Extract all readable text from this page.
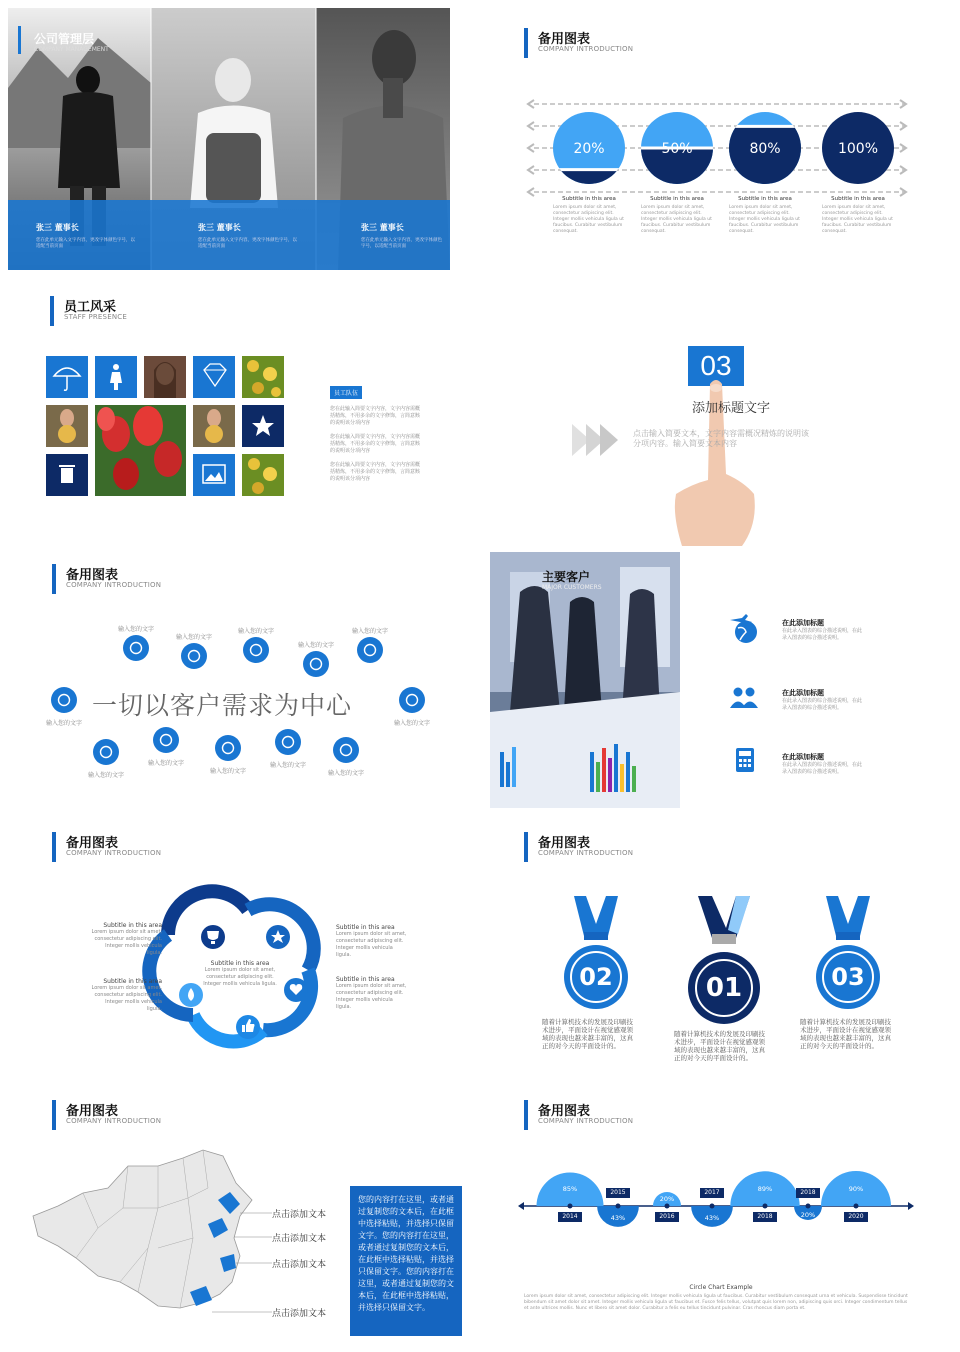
公司管理层
COMPANY MANAGEMENT
张三 董事长
您在此单元输入文字内容，更改字体颜色字号，以适配当前页面
张三 董事长
您在此单元输入文字内容，更改字体颜色字号，以适配当前页面
张三 董事长
您在此单元输入文字内容，更改字体颜色字号，以适配当前页面
备用图表
COMPANY INTRODUCTION
20%	50%	80%	100%
Subtitle in this area
Lorem ipsum dolor sit amet, consectetur adipiscing elit. Integer mollis vehicula ligula ut faucibus. Curabitur vestibulum consequat.
Subtitle in this area
Lorem ipsum dolor sit amet, consectetur adipiscing elit. Integer mollis vehicula ligula ut faucibus. Curabitur vestibulum consequat.
Subtitle in this area
Lorem ipsum dolor sit amet, consectetur adipiscing elit. Integer mollis vehicula ligula ut faucibus. Curabitur vestibulum consequat.
Subtitle in this area
Lorem ipsum dolor sit amet, consectetur adipiscing elit. Integer mollis vehicula ligula ut faucibus. Curabitur vestibulum consequat.
员工风采
STAFF PRESENCE
员工队伍
您在此输入简要文字内容，文字内容需概括精炼，不用多余的文字修饰，言简意赅的说明该分项内容
您在此输入简要文字内容，文字内容需概括精炼，不用多余的文字修饰，言简意赅的说明该分项内容
您在此输入简要文字内容，文字内容需概括精炼，不用多余的文字修饰，言简意赅的说明该分项内容
03
添加标题文字
点击输入简要文本，文字内容需概况精炼的说明该分项内容。输入简要文本内容
备用图表
COMPANY INTRODUCTION
输入您的文字
输入您的文字
输入您的文字
输入您的文字
输入您的文字
输入您的文字
输入您的文字
输入您的文字
输入您的文字
输入您的文字
输入您的文字
输入您的文字
一切以客户需求为中心
主要客户
MAJOR CUSTOMERS
在此添加标题
在此录入图表的综合描述说明，在此录入图表的综合描述说明。
在此添加标题
在此录入图表的综合描述说明，在此录入图表的综合描述说明。
在此添加标题
在此录入图表的综合描述说明，在此录入图表的综合描述说明。
备用图表
COMPANY INTRODUCTION
Subtitle in this area
Lorem ipsum dolor sit amet, consectetur adipiscing elit. Integer mollis vehicula ligula.
Subtitle in this area
Lorem ipsum dolor sit amet, consectetur adipiscing elit. Integer mollis vehicula ligula.
Subtitle in this area
Lorem ipsum dolor sit amet, consectetur adipiscing elit. Integer mollis vehicula ligula.
Subtitle in this area
Lorem ipsum dolor sit amet, consectetur adipiscing elit. Integer mollis vehicula ligula.
Subtitle in this area
Lorem ipsum dolor sit amet, consectetur adipiscing elit. Integer mollis vehicula ligula.
备用图表
COMPANY INTRODUCTION
02	01	03
随着计算机技术的发展及印刷技术进步，平面设计在视觉感观领域的表现也越来越丰富的，这真正的对今天的平面设计的。
随着计算机技术的发展及印刷技术进步，平面设计在视觉感观领域的表现也越来越丰富的，这真正的对今天的平面设计的。
随着计算机技术的发展及印刷技术进步，平面设计在视觉感观领域的表现也越来越丰富的，这真正的对今天的平面设计的。
备用图表
COMPANY INTRODUCTION
点击添加文本
点击添加文本
点击添加文本
点击添加文本
您的内容打在这里，或者通过复制您的文本后，在此框中选择粘贴，并选择只保留文字。您的内容打在这里，或者通过复制您的文本后，在此框中选择粘贴，并选择只保留文字。您的内容打在这里，或者通过复制您的文本后，在此框中选择粘贴，并选择只保留文字。
备用图表
COMPANY INTRODUCTION
85%
2014	43%
2015
20%
2016	43%
2017	89%
2018	20%
2018	90%
2020
Circle Chart Example
Lorem ipsum dolor sit amet, consectetur adipiscing elit. Integer mollis vehicula ligula ut faucibus. Curabitur vestibulum consequat urna et vehicula. Suspendisse tincidunt bibendum sit amet dolor sit amet. Integer mollis vehicula ligula ut faucibus et. Fusce felis tellus, volutpat quis lorem non, adipiscing quis orci. Integer condimentum tellus et ante ultrices mollis. Nunc et libero sit amet dolor. Curabitur a felis eu tellus tincidunt pulvinar. Cras rhoncus diam porta et.
